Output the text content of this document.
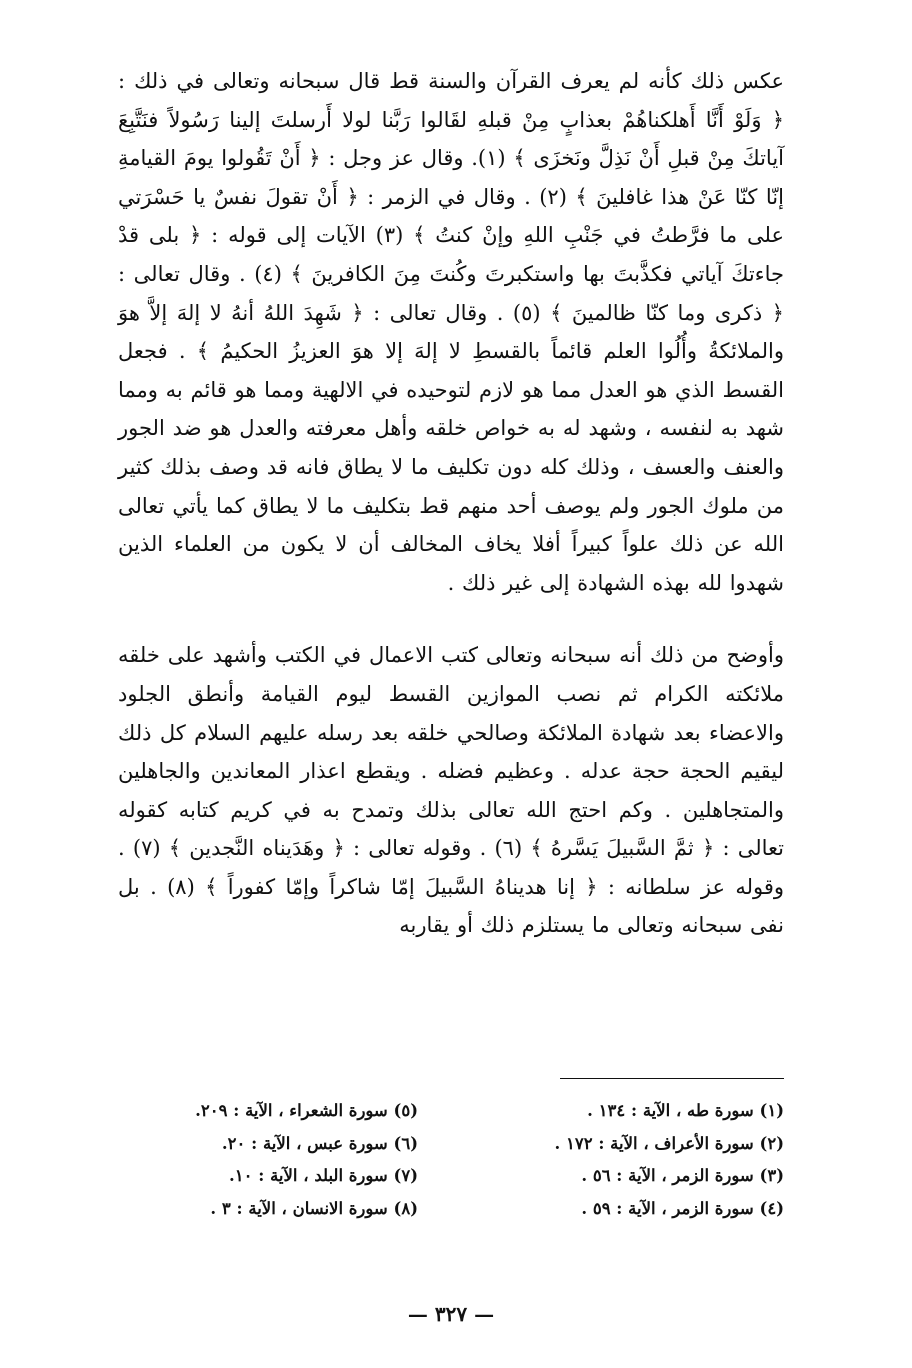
عكس ذلك كأنه لم يعرف القرآن والسنة قط قال سبحانه وتعالى في ذلك : ﴿ وَلَوْ أَنَّا أَهلكناهُمْ بعذابٍ مِنْ قبلهِ لقَالوا رَبَّنا لولا أَرسلتَ إلينا رَسُولاً فنَتَّبِعَ آياتكَ مِنْ قبلِ أَنْ نَذِلَّ ونَخزَى ﴾ (١). وقال عز وجل : ﴿ أَنْ تَقُولوا يومَ القيامةِ إنّا كنّا عَنْ هذا غافلينَ ﴾ (٢) . وقال في الزمر : ﴿ أَنْ تقولَ نفسٌ يا حَسْرَتي على ما فرَّطتُ في جَنْبِ اللهِ وإنْ كنتُ ﴾ (٣) الآيات إلى قوله : ﴿ بلى قدْ جاءتكَ آياتي فكذَّبتَ بها واستكبرتَ وكُنتَ مِنَ الكافرينَ ﴾ (٤) . وقال تعالى : ﴿ ذكرى وما كنّا ظالمينَ ﴾ (٥) . وقال تعالى : ﴿ شَهِدَ اللهُ أنهُ لا إلهَ إلاَّ هوَ والملائكةُ وأُلُوا العلم قائماً بالقسطِ لا إلهَ إلا هوَ العزيزُ الحكيمُ ﴾ . فجعل القسط الذي هو العدل مما هو لازم لتوحيده في الالهية ومما هو قائم به ومما شهد به لنفسه ، وشهد له به خواص خلقه وأهل معرفته والعدل هو ضد الجور والعنف والعسف ، وذلك كله دون تكليف ما لا يطاق فانه قد وصف بذلك كثير من ملوك الجور ولم يوصف أحد منهم قط بتكليف ما لا يطاق كما يأتي تعالى الله عن ذلك علواً كبيراً أفلا يخاف المخالف أن لا يكون من العلماء الذين شهدوا لله بهذه الشهادة إلى غير ذلك .

وأوضح من ذلك أنه سبحانه وتعالى كتب الاعمال في الكتب وأشهد على خلقه ملائكته الكرام ثم نصب الموازين القسط ليوم القيامة وأنطق الجلود والاعضاء بعد شهادة الملائكة وصالحي خلقه بعد رسله عليهم السلام كل ذلك ليقيم الحجة حجة عدله . وعظيم فضله . ويقطع اعذار المعاندين والجاهلين والمتجاهلين . وكم احتج الله تعالى بذلك وتمدح به في كريم كتابه كقوله تعالى : ﴿ ثمَّ السَّبيلَ يَسَّرهُ ﴾ (٦) . وقوله تعالى : ﴿ وهَدَيناه النَّجدين ﴾ (٧) . وقوله عز سلطانه : ﴿ إنا هديناهُ السَّبيلَ إمّا شاكراً وإمّا كفوراً ﴾ (٨) . بل نفى سبحانه وتعالى ما يستلزم ذلك أو يقاربه

(١) سورة طه ، الآية : ١٣٤ .
(٢) سورة الأعراف ، الآية : ١٧٢ .
(٣) سورة الزمر ، الآية : ٥٦ .
(٤) سورة الزمر ، الآية : ٥٩ .
(٥) سورة الشعراء ، الآية : ٢٠٩.
(٦) سورة عبس ، الآية : ٢٠.
(٧) سورة البلد ، الآية : ١٠.
(٨) سورة الانسان ، الآية : ٣ .
— ٣٢٧ —
